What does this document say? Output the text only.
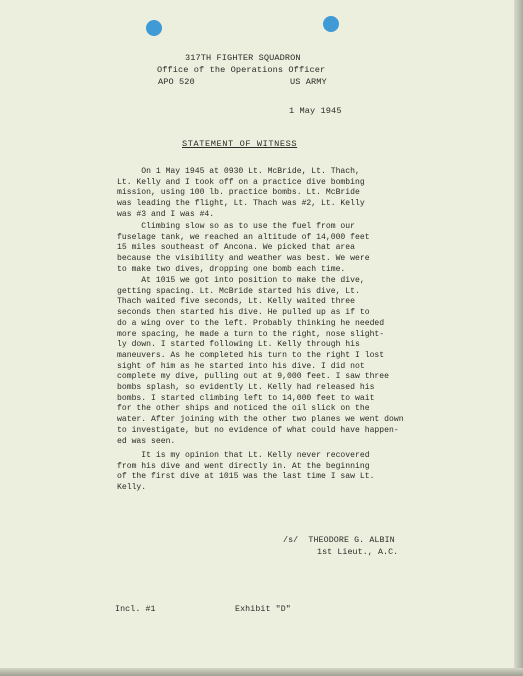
317TH FIGHTER SQUADRON
Office of the Operations Officer
APO 520	US ARMY
1 May 1945
STATEMENT OF WITNESS
On 1 May 1945 at 0930 Lt. McBride, Lt. Thach,
Lt. Kelly and I took off on a practice dive bombing
mission, using 100 lb. practice bombs. Lt. McBride
was leading the flight, Lt. Thach was #2, Lt. Kelly
was #3 and I was #4.
Climbing slow so as to use the fuel from our
fuselage tank, we reached an altitude of 14,000 feet
15 miles southeast of Ancona. We picked that area
because the visibility and weather was best. We were
to make two dives, dropping one bomb each time.
At 1015 we got into position to make the dive,
getting spacing. Lt. McBride started his dive, Lt.
Thach waited five seconds, Lt. Kelly waited three
seconds then started his dive. He pulled up as if to
do a wing over to the left. Probably thinking he needed
more spacing, he made a turn to the right, nose slight-
ly down. I started following Lt. Kelly through his
maneuvers. As he completed his turn to the right I lost
sight of him as he started into his dive. I did not
complete my dive, pulling out at 9,000 feet. I saw three
bombs splash, so evidently Lt. Kelly had released his
bombs. I started climbing left to 14,000 feet to wait
for the other ships and noticed the oil slick on the
water. After joining with the other two planes we went down
to investigate, but no evidence of what could have happen-
ed was seen.
It is my opinion that Lt. Kelly never recovered
from his dive and went directly in. At the beginning
of the first dive at 1015 was the last time I saw Lt.
Kelly.
/s/  THEODORE G. ALBIN
1st Lieut., A.C.
Incl. #1	Exhibit "D"
